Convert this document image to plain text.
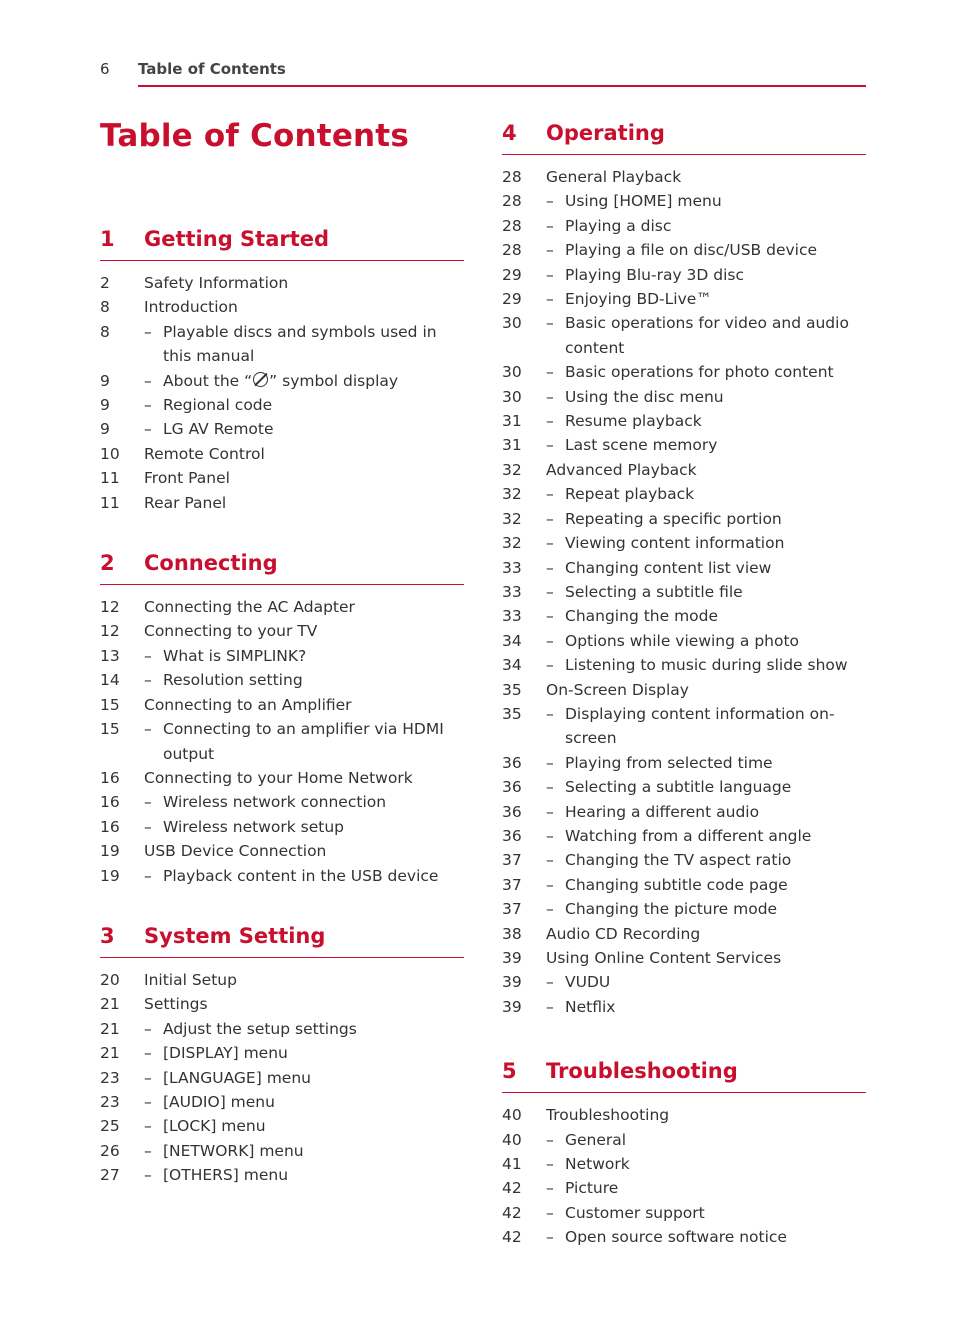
6 Table of Contents
Table of Contents
1 Getting Started
2 Safety Information
8 Introduction
8 – Playable discs and symbols used in this manual
9 – About the “ ” symbol display
9 – Regional code
9 – LG AV Remote
10 Remote Control
11 Front Panel
11 Rear Panel
2 Connecting
12 Connecting the AC Adapter
12 Connecting to your TV
13 – What is SIMPLINK?
14 – Resolution setting
15 Connecting to an Amplifier
15 – Connecting to an amplifier via HDMI output
16 Connecting to your Home Network
16 – Wireless network connection
16 – Wireless network setup
19 USB Device Connection
19 – Playback content in the USB device
3 System Setting
20 Initial Setup
21 Settings
21 – Adjust the setup settings
21 – [DISPLAY] menu
23 – [LANGUAGE] menu
23 – [AUDIO] menu
25 – [LOCK] menu
26 – [NETWORK] menu
27 – [OTHERS] menu
4 Operating
28 General Playback
28 – Using [HOME] menu
28 – Playing a disc
28 – Playing a file on disc/USB device
29 – Playing Blu-ray 3D disc
29 – Enjoying BD-Live™
30 – Basic operations for video and audio content
30 – Basic operations for photo content
30 – Using the disc menu
31 – Resume playback
31 – Last scene memory
32 Advanced Playback
32 – Repeat playback
32 – Repeating a specific portion
32 – Viewing content information
33 – Changing content list view
33 – Selecting a subtitle file
33 – Changing the mode
34 – Options while viewing a photo
34 – Listening to music during slide show
35 On-Screen Display
35 – Displaying content information on-screen
36 – Playing from selected time
36 – Selecting a subtitle language
36 – Hearing a different audio
36 – Watching from a different angle
37 – Changing the TV aspect ratio
37 – Changing subtitle code page
37 – Changing the picture mode
38 Audio CD Recording
39 Using Online Content Services
39 – VUDU
39 – Netflix
5 Troubleshooting
40 Troubleshooting
40 – General
41 – Network
42 – Picture
42 – Customer support
42 – Open source software notice
